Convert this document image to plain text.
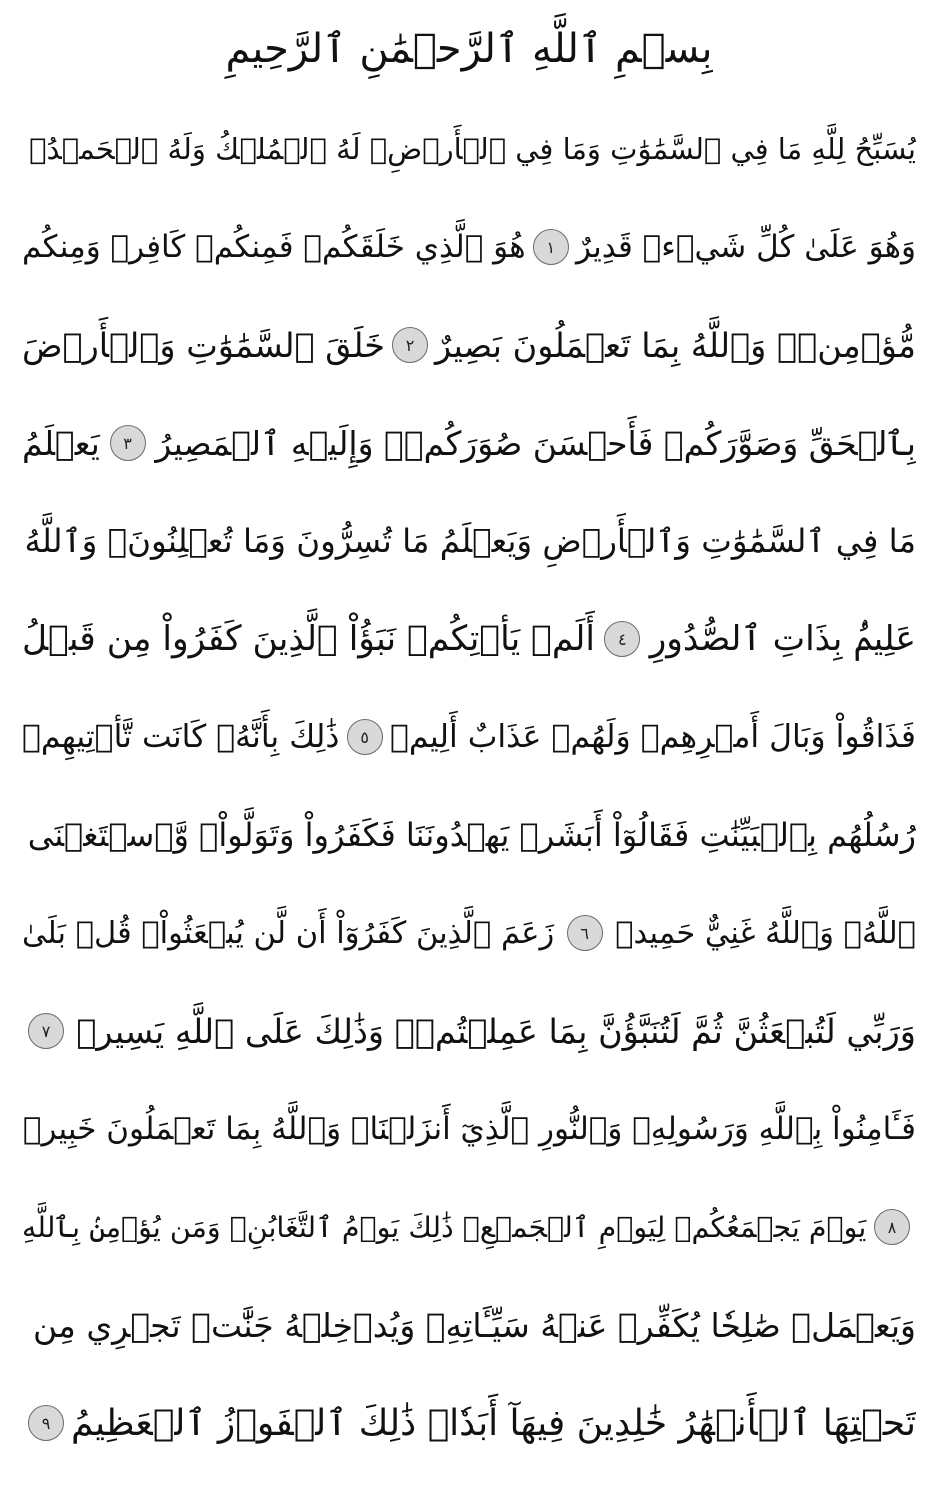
بِسۡمِ ٱللَّهِ ٱلرَّحۡمَٰنِ ٱلرَّحِيمِ
يُسَبِّحُ لِلَّهِ مَا فِي ٱلسَّمَٰوَٰتِ وَمَا فِي ٱلۡأَرۡضِۖ لَهُ ٱلۡمُلۡكُ وَلَهُ ٱلۡحَمۡدُۖ
وَهُوَ عَلَىٰ كُلِّ شَيۡءٖ قَدِيرٌ
١
هُوَ ٱلَّذِي خَلَقَكُمۡ فَمِنكُمۡ كَافِرٞ وَمِنكُم
مُّؤۡمِنٞۚ وَٱللَّهُ بِمَا تَعۡمَلُونَ بَصِيرٌ
٢
خَلَقَ ٱلسَّمَٰوَٰتِ وَٱلۡأَرۡضَ
بِٱلۡحَقِّ وَصَوَّرَكُمۡ فَأَحۡسَنَ صُوَرَكُمۡۖ وَإِلَيۡهِ ٱلۡمَصِيرُ
٣
يَعۡلَمُ
مَا فِي ٱلسَّمَٰوَٰتِ وَٱلۡأَرۡضِ وَيَعۡلَمُ مَا تُسِرُّونَ وَمَا تُعۡلِنُونَۚ وَٱللَّهُ
عَلِيمُۢ بِذَاتِ ٱلصُّدُورِ
٤
أَلَمۡ يَأۡتِكُمۡ نَبَؤُاْ ٱلَّذِينَ كَفَرُواْ مِن قَبۡلُ
فَذَاقُواْ وَبَالَ أَمۡرِهِمۡ وَلَهُمۡ عَذَابٌ أَلِيمٞ
٥
ذَٰلِكَ بِأَنَّهُۥ كَانَت تَّأۡتِيهِمۡ
رُسُلُهُم بِٱلۡبَيِّنَٰتِ فَقَالُوٓاْ أَبَشَرٞ يَهۡدُونَنَا فَكَفَرُواْ وَتَوَلَّواْۖ وَّٱسۡتَغۡنَى
ٱللَّهُۚ وَٱللَّهُ غَنِيٌّ حَمِيدٞ
٦
زَعَمَ ٱلَّذِينَ كَفَرُوٓاْ أَن لَّن يُبۡعَثُواْۚ قُلۡ بَلَىٰ
وَرَبِّي لَتُبۡعَثُنَّ ثُمَّ لَتُنَبَّؤُنَّ بِمَا عَمِلۡتُمۡۚ وَذَٰلِكَ عَلَى ٱللَّهِ يَسِيرٞ
٧
فَـَٔامِنُواْ بِٱللَّهِ وَرَسُولِهِۦ وَٱلنُّورِ ٱلَّذِيٓ أَنزَلۡنَاۚ وَٱللَّهُ بِمَا تَعۡمَلُونَ خَبِيرٞ
٨
يَوۡمَ يَجۡمَعُكُمۡ لِيَوۡمِ ٱلۡجَمۡعِۖ ذَٰلِكَ يَوۡمُ ٱلتَّغَابُنِۗ وَمَن يُؤۡمِنۢ بِٱللَّهِ
وَيَعۡمَلۡ صَٰلِحٗا يُكَفِّرۡ عَنۡهُ سَيِّـَٔاتِهِۦ وَيُدۡخِلۡهُ جَنَّٰتٖ تَجۡرِي مِن
تَحۡتِهَا ٱلۡأَنۡهَٰرُ خَٰلِدِينَ فِيهَآ أَبَدٗاۚ ذَٰلِكَ ٱلۡفَوۡزُ ٱلۡعَظِيمُ
٩
